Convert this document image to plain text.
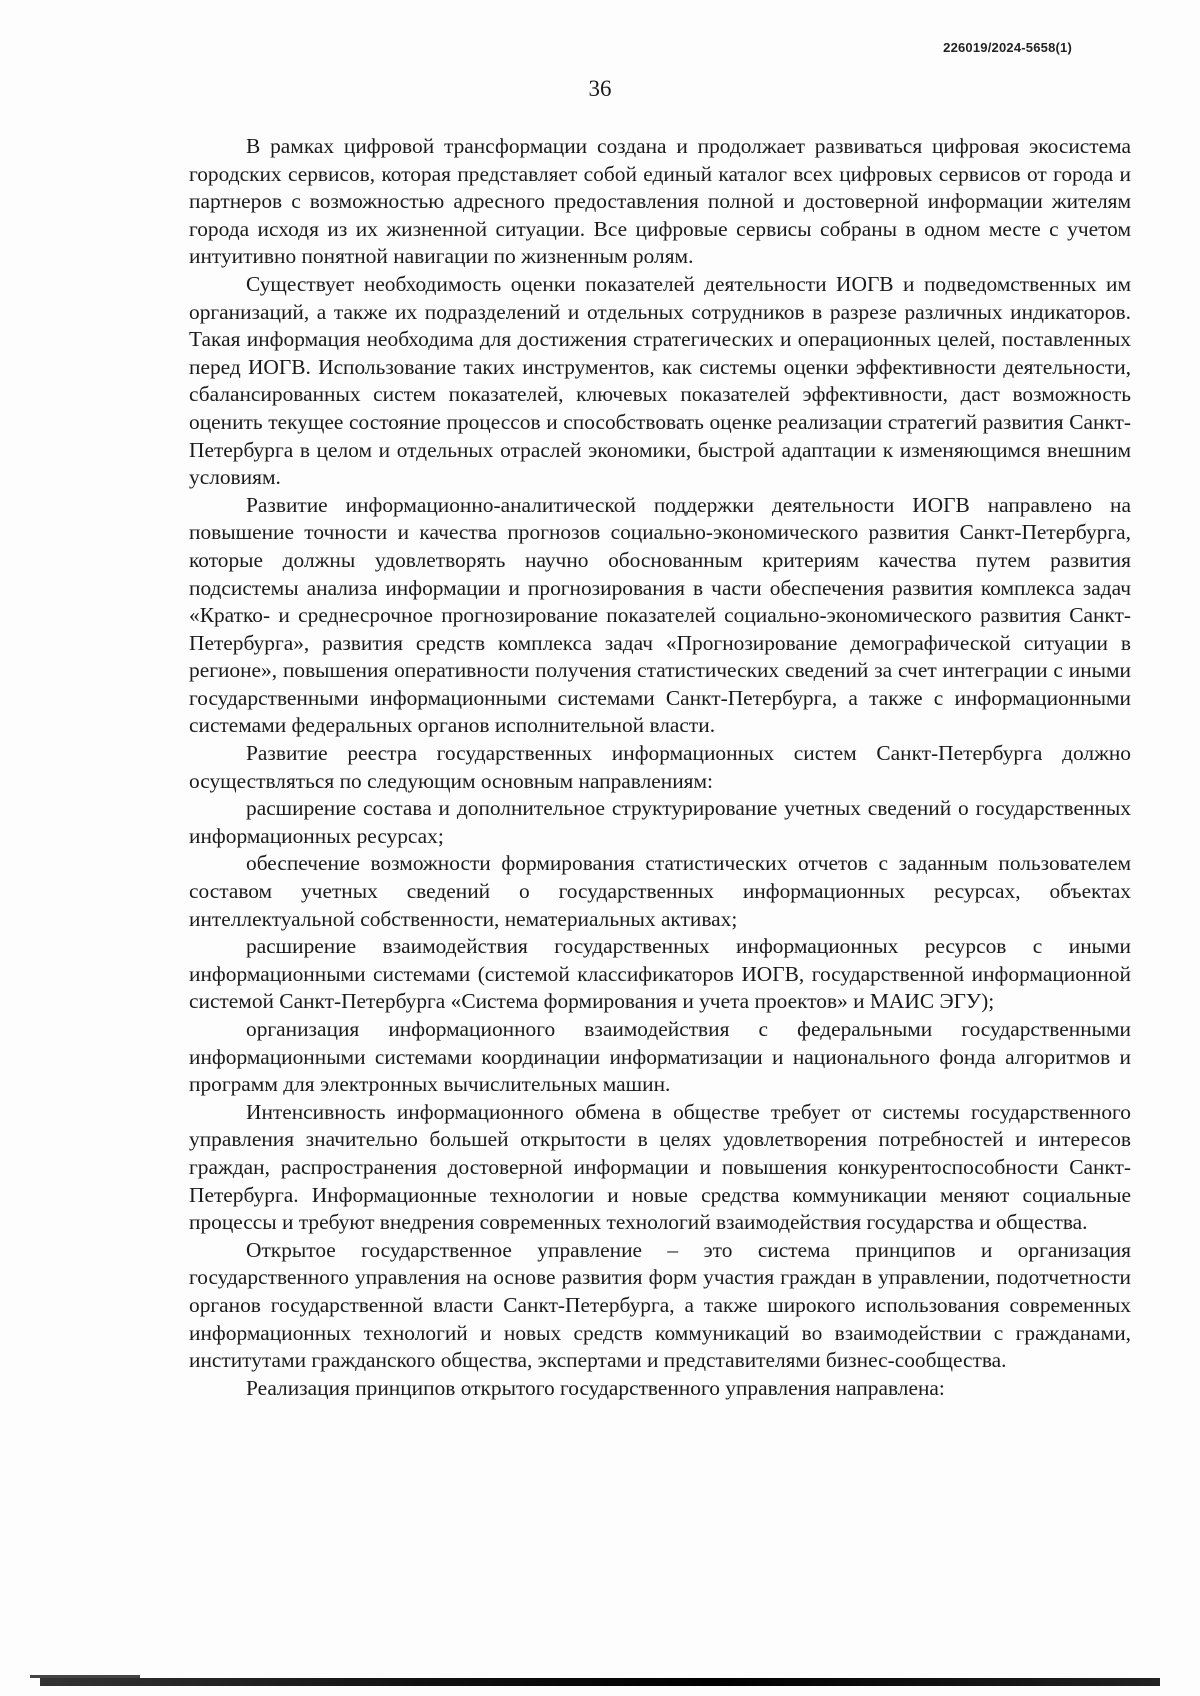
226019/2024-5658(1)
36

В рамках цифровой трансформации создана и продолжает развиваться цифровая экосистема городских сервисов, которая представляет собой единый каталог всех цифровых сервисов от города и партнеров с возможностью адресного предоставления полной и достоверной информации жителям города исходя из их жизненной ситуации. Все цифровые сервисы собраны в одном месте с учетом интуитивно понятной навигации по жизненным ролям.

Существует необходимость оценки показателей деятельности ИОГВ и подведомственных им организаций, а также их подразделений и отдельных сотрудников в разрезе различных индикаторов. Такая информация необходима для достижения стратегических и операционных целей, поставленных перед ИОГВ. Использование таких инструментов, как системы оценки эффективности деятельности, сбалансированных систем показателей, ключевых показателей эффективности, даст возможность оценить текущее состояние процессов и способствовать оценке реализации стратегий развития Санкт-Петербурга в целом и отдельных отраслей экономики, быстрой адаптации к изменяющимся внешним условиям.

Развитие информационно-аналитической поддержки деятельности ИОГВ направлено на повышение точности и качества прогнозов социально-экономического развития Санкт-Петербурга, которые должны удовлетворять научно обоснованным критериям качества путем развития подсистемы анализа информации и прогнозирования в части обеспечения развития комплекса задач «Кратко- и среднесрочное прогнозирование показателей социально-экономического развития Санкт-Петербурга», развития средств комплекса задач «Прогнозирование демографической ситуации в регионе», повышения оперативности получения статистических сведений за счет интеграции с иными государственными информационными системами Санкт-Петербурга, а также с информационными системами федеральных органов исполнительной власти.

Развитие реестра государственных информационных систем Санкт-Петербурга должно осуществляться по следующим основным направлениям:

расширение состава и дополнительное структурирование учетных сведений о государственных информационных ресурсах;

обеспечение возможности формирования статистических отчетов с заданным пользователем составом учетных сведений о государственных информационных ресурсах, объектах интеллектуальной собственности, нематериальных активах;

расширение взаимодействия государственных информационных ресурсов с иными информационными системами (системой классификаторов ИОГВ, государственной информационной системой Санкт-Петербурга «Система формирования и учета проектов» и МАИС ЭГУ);

организация информационного взаимодействия с федеральными государственными информационными системами координации информатизации и национального фонда алгоритмов и программ для электронных вычислительных машин.

Интенсивность информационного обмена в обществе требует от системы государственного управления значительно большей открытости в целях удовлетворения потребностей и интересов граждан, распространения достоверной информации и повышения конкурентоспособности Санкт-Петербурга. Информационные технологии и новые средства коммуникации меняют социальные процессы и требуют внедрения современных технологий взаимодействия государства и общества.

Открытое государственное управление – это система принципов и организация государственного управления на основе развития форм участия граждан в управлении, подотчетности органов государственной власти Санкт-Петербурга, а также широкого использования современных информационных технологий и новых средств коммуникаций во взаимодействии с гражданами, институтами гражданского общества, экспертами и представителями бизнес-сообщества.

Реализация принципов открытого государственного управления направлена:
